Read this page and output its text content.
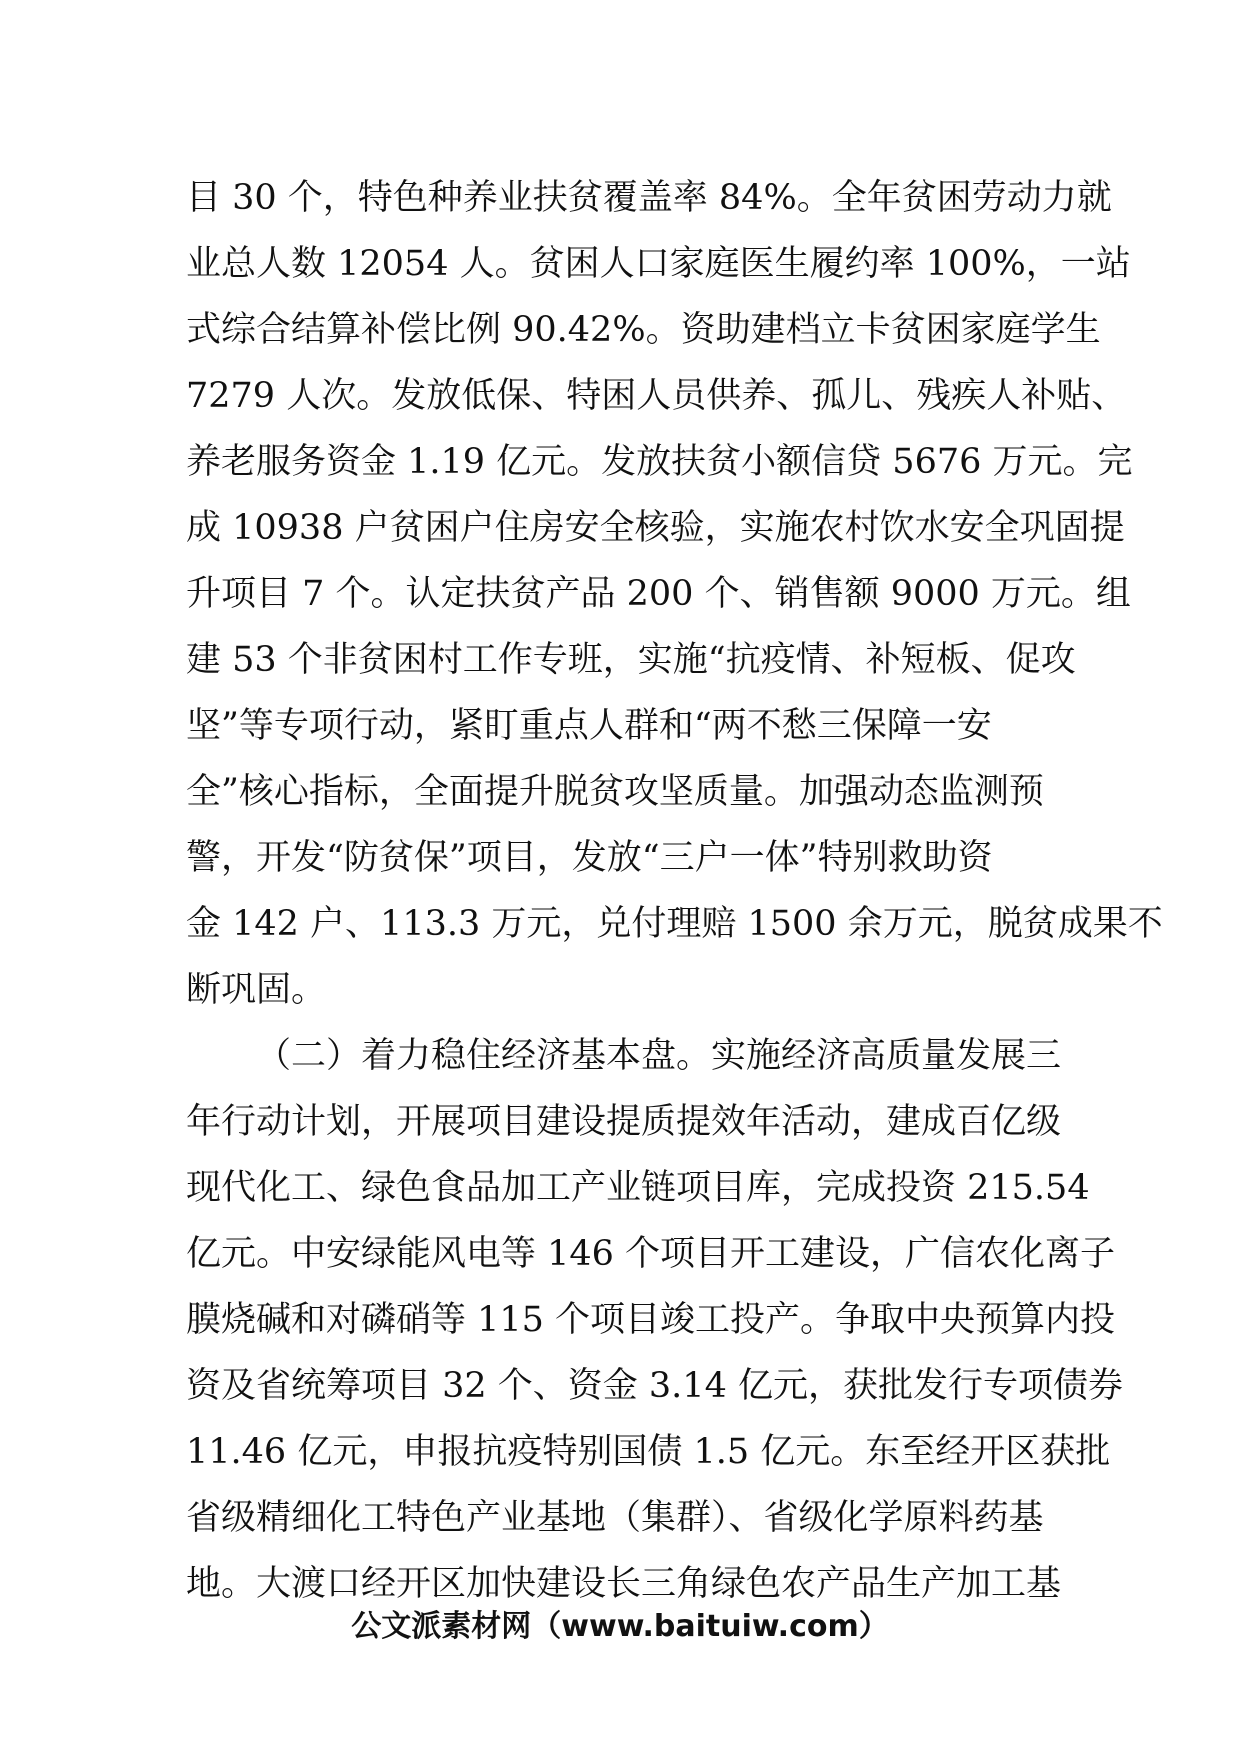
目 30 个，特色种养业扶贫覆盖率 84%。全年贫困劳动力就
业总人数 12054 人。贫困人口家庭医生履约率 100%，一站
式综合结算补偿比例 90.42%。资助建档立卡贫困家庭学生
7279 人次。发放低保、特困人员供养、孤儿、残疾人补贴、
养老服务资金 1.19 亿元。发放扶贫小额信贷 5676 万元。完
成 10938 户贫困户住房安全核验，实施农村饮水安全巩固提
升项目 7 个。认定扶贫产品 200 个、销售额 9000 万元。组
建 53 个非贫困村工作专班，实施“抗疫情、补短板、促攻
坚”等专项行动，紧盯重点人群和“两不愁三保障一安
全”核心指标，全面提升脱贫攻坚质量。加强动态监测预
警，开发“防贫保”项目，发放“三户一体”特别救助资
金 142 户、113.3 万元，兑付理赔 1500 余万元，脱贫成果不
断巩固。
（二）着力稳住经济基本盘。实施经济高质量发展三
年行动计划，开展项目建设提质提效年活动，建成百亿级
现代化工、绿色食品加工产业链项目库，完成投资 215.54
亿元。中安绿能风电等 146 个项目开工建设，广信农化离子
膜烧碱和对磷硝等 115 个项目竣工投产。争取中央预算内投
资及省统筹项目 32 个、资金 3.14 亿元，获批发行专项债券
11.46 亿元，申报抗疫特别国债 1.5 亿元。东至经开区获批
省级精细化工特色产业基地（集群）、省级化学原料药基
地。大渡口经开区加快建设长三角绿色农产品生产加工基
公文派素材网（www.baituiw.com）
